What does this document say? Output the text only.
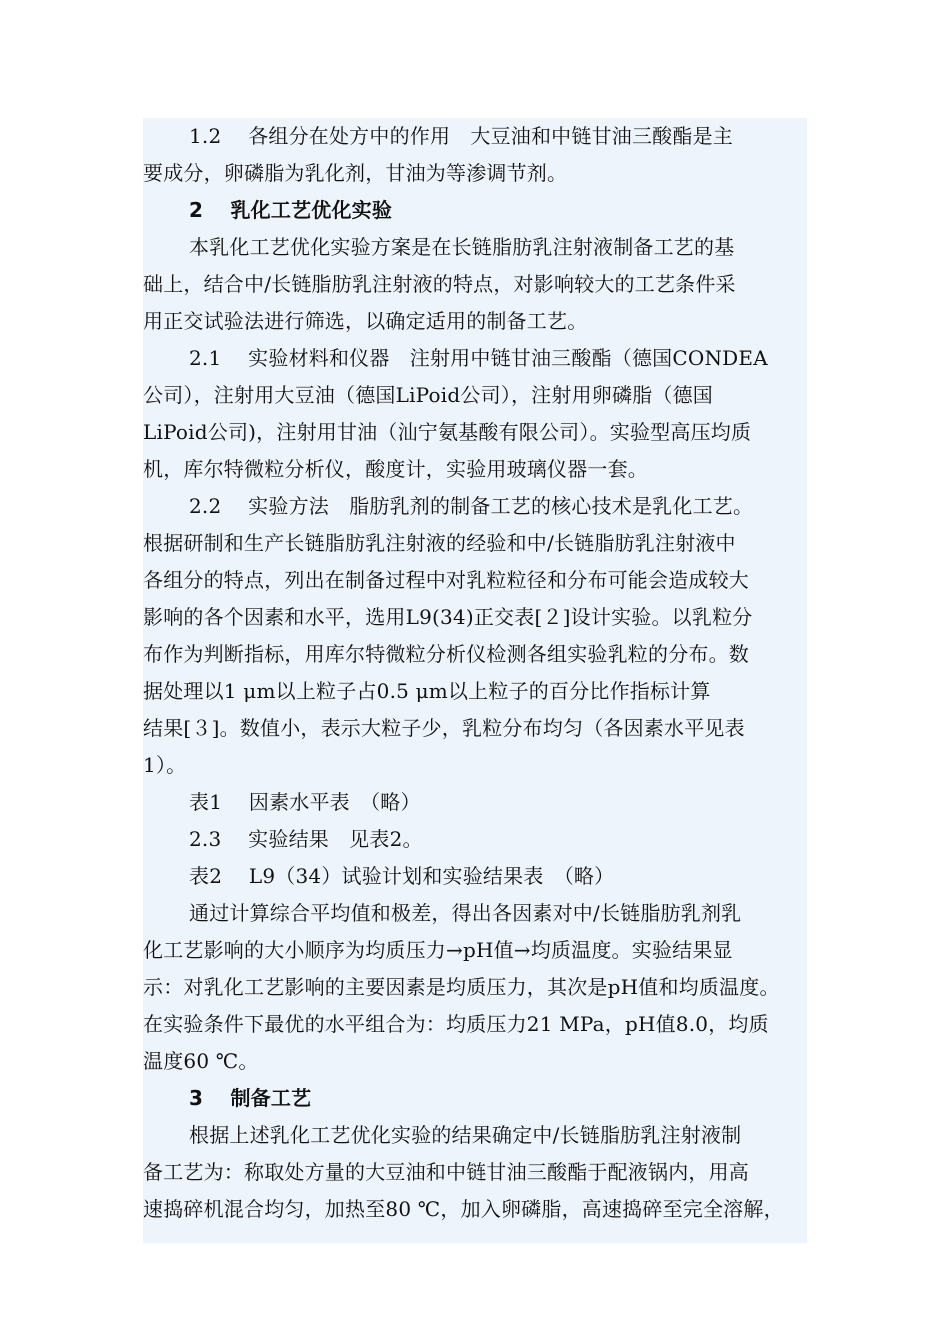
1.2　 各组分在处方中的作用　大豆油和中链甘油三酸酯是主
要成分，卵磷脂为乳化剂，甘油为等渗调节剂。
2　 乳化工艺优化实验
本乳化工艺优化实验方案是在长链脂肪乳注射液制备工艺的基
础上，结合中/长链脂肪乳注射液的特点，对影响较大的工艺条件采
用正交试验法进行筛选，以确定适用的制备工艺。
2.1　 实验材料和仪器　注射用中链甘油三酸酯（德国CONDEA
公司），注射用大豆油（德国LiPoid公司），注射用卵磷脂（德国
LiPoid公司)，注射用甘油（汕宁氨基酸有限公司）。实验型高压均质
机，库尔特微粒分析仪，酸度计，实验用玻璃仪器一套。
2.2　 实验方法　脂肪乳剂的制备工艺的核心技术是乳化工艺。
根据研制和生产长链脂肪乳注射液的经验和中/长链脂肪乳注射液中
各组分的特点，列出在制备过程中对乳粒粒径和分布可能会造成较大
影响的各个因素和水平，选用L9(34)正交表[２]设计实验。以乳粒分
布作为判断指标，用库尔特微粒分析仪检测各组实验乳粒的分布。数
据处理以1 μm以上粒子占0.5 μm以上粒子的百分比作指标计算
结果[３]。数值小，表示大粒子少，乳粒分布均匀（各因素水平见表
1）。
表1　 因素水平表　（略）
2.3　 实验结果　见表2。
表2　 L9（34）试验计划和实验结果表　（略）
通过计算综合平均值和极差，得出各因素对中/长链脂肪乳剂乳
化工艺影响的大小顺序为均质压力→pH值→均质温度。实验结果显
示：对乳化工艺影响的主要因素是均质压力，其次是pH值和均质温度。
在实验条件下最优的水平组合为：均质压力21 MPa，pH值8.0，均质
温度60 ℃。
3　 制备工艺
根据上述乳化工艺优化实验的结果确定中/长链脂肪乳注射液制
备工艺为：称取处方量的大豆油和中链甘油三酸酯于配液锅内，用高
速捣碎机混合均匀，加热至80 ℃，加入卵磷脂，高速捣碎至完全溶解，
